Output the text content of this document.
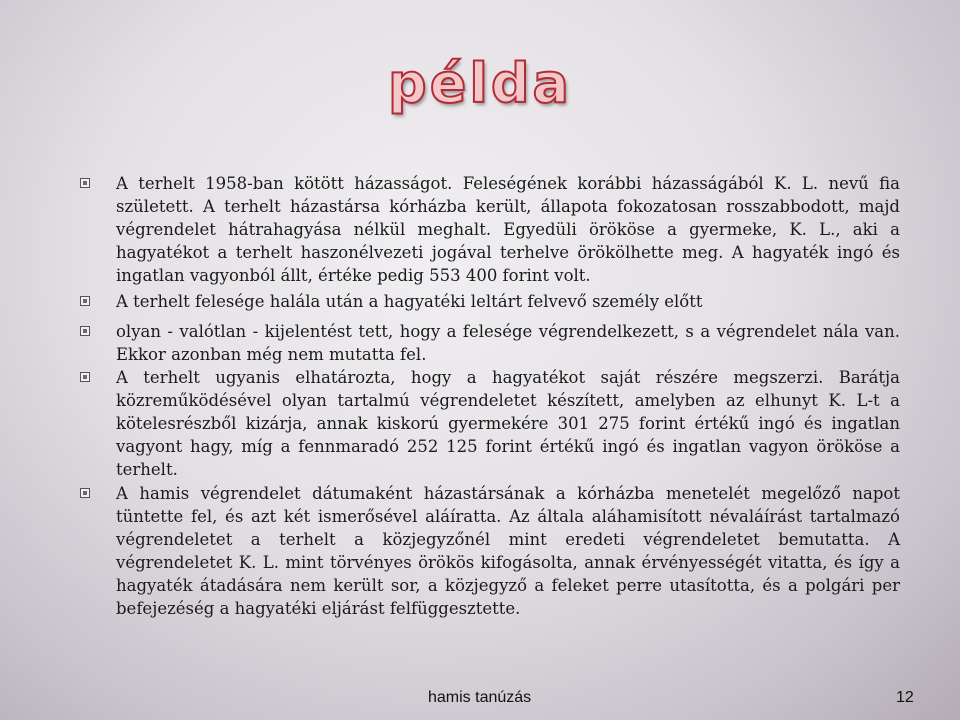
példa
A terhelt 1958-ban kötött házasságot. Feleségének korábbi házasságából K. L. nevű fia született. A terhelt házastársa kórházba került, állapota fokozatosan rosszabbodott, majd végrendelet hátrahagyása nélkül meghalt. Egyedüli örököse a gyermeke, K. L., aki a hagyatékot a terhelt haszonélvezeti jogával terhelve örökölhette meg. A hagyaték ingó és ingatlan vagyonból állt, értéke pedig 553 400 forint volt.
A terhelt felesége halála után a hagyatéki leltárt felvevő személy előtt
olyan - valótlan - kijelentést tett, hogy a felesége végrendelkezett, s a végrendelet nála van. Ekkor azonban még nem mutatta fel.
A terhelt ugyanis elhatározta, hogy a hagyatékot saját részére megszerzi. Barátja közreműködésével olyan tartalmú végrendeletet készített, amelyben az elhunyt K. L-t a kötelesrészből kizárja, annak kiskorú gyermekére 301 275 forint értékű ingó és ingatlan vagyont hagy, míg a fennmaradó 252 125 forint értékű ingó és ingatlan vagyon örököse a terhelt.
A hamis végrendelet dátumaként házastársának a kórházba menetelét megelőző napot tüntette fel, és azt két ismerősével aláíratta. Az általa aláhamisított névaláírást tartalmazó végrendeletet a terhelt a közjegyzőnél mint eredeti végrendeletet bemutatta. A végrendeletet K. L. mint törvényes örökös kifogásolta, annak érvényességét vitatta, és így a hagyaték átadására nem került sor, a közjegyző a feleket perre utasította, és a polgári per befejezéség a hagyatéki eljárást felfüggesztette.
hamis tanúzás	12
